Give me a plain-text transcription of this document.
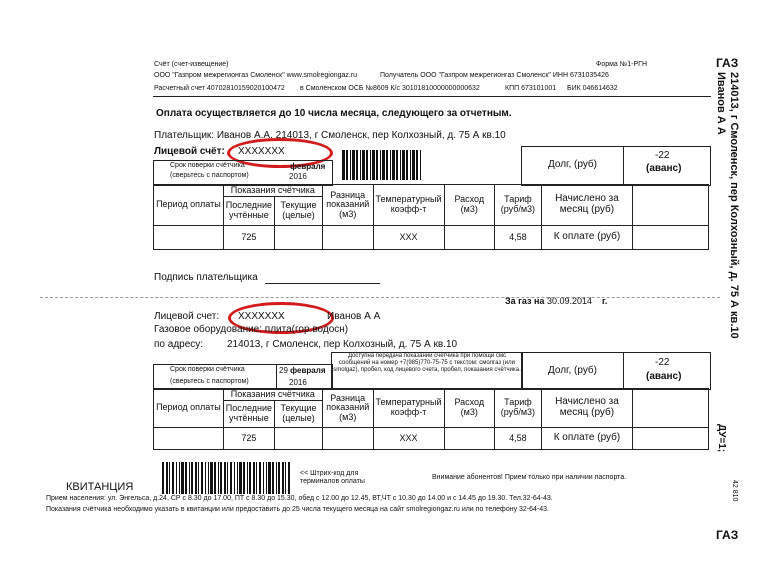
Счёт (счет-извещение)	Форма №1-РГН
ООО "Газпром межрегионгаз Смоленск" www.smolregiongaz.ru	Получатель ООО "Газпром межрегионгаз Смоленск" ИНН 6731035426
Расчетный счет 40702810159020100472 в Смоленском ОСБ №8609 К/с 30101810000000000632	КПП 673101001 БИК 046614632
Оплата осуществляется до 10 числа месяца, следующего за отчетным.
Плательщик: Иванов А.А. 214013, г Смоленск, пер Колхозный, д. 75 А кв.10
Лицевой счёт: XXXXXXX
Срок поверки счётчика
(сверьтесь с паспортом)
февраля
2016
Долг, (руб)
-22
(аванс)
Период оплаты	Показания счётчика		Разница показаний (м3)	Температурный коэфф-т	Расход (м3)	Тариф (руб/м3)	Начислено за месяц (руб)	
	Последние учтённые	Текущие (целые)						
	725			XXX		4,58	К оплате (руб)	
Подпись плательщика
За газ на 30.09.2014 г.
Лицевой счет: XXXXXXX	Иванов А А
Газовое оборудование: плита(гор.водосн)
по адресу: 214013, г Смоленск, пер Колхозный, д. 75 А кв.10
Срок поверки счётчика
(сверьтесь с паспортом)
29 февраля
2016
Доступна передача показаний счетчика при помощи смс сообщений на номер +7(985)770-75-75 с текстом: смолгаз (или smolgaz), пробел, код лицевого счета, пробел, показания счётчика.	Долг, (руб)
-22
(аванс)
Период оплаты	Показания счётчика		Разница показаний (м3)	Температурный коэфф-т	Расход (м3)	Тариф (руб/м3)	Начислено за месяц (руб)	
	Последние учтённые	Текущие (целые)						
	725			XXX		4,58	К оплате (руб)	
КВИТАНЦИЯ
<< Штрих-код для терминалов оплаты
Внимание абонентов! Прием только при наличии паспорта.
Прием населения: ул. Энгельса, д.24, СР с 8.30 до 17.00, ПТ с 8.30 до 15.30, обед с 12.00 до 12.45, ВТ,ЧТ с 10.30 до 14.00 и с 14.45 до 19.30. Тел.32-64-43.
Показания счётчика необходимо указать в квитанции или предоставить до 25 числа текущего месяца на сайт smolregiongaz.ru или по телефону 32-64-43.
ГАЗ
214013, г Смоленск, пер Колхозный, д. 75 А кв.10
Иванов А А
ДУ=1;
42 810
ГАЗ
